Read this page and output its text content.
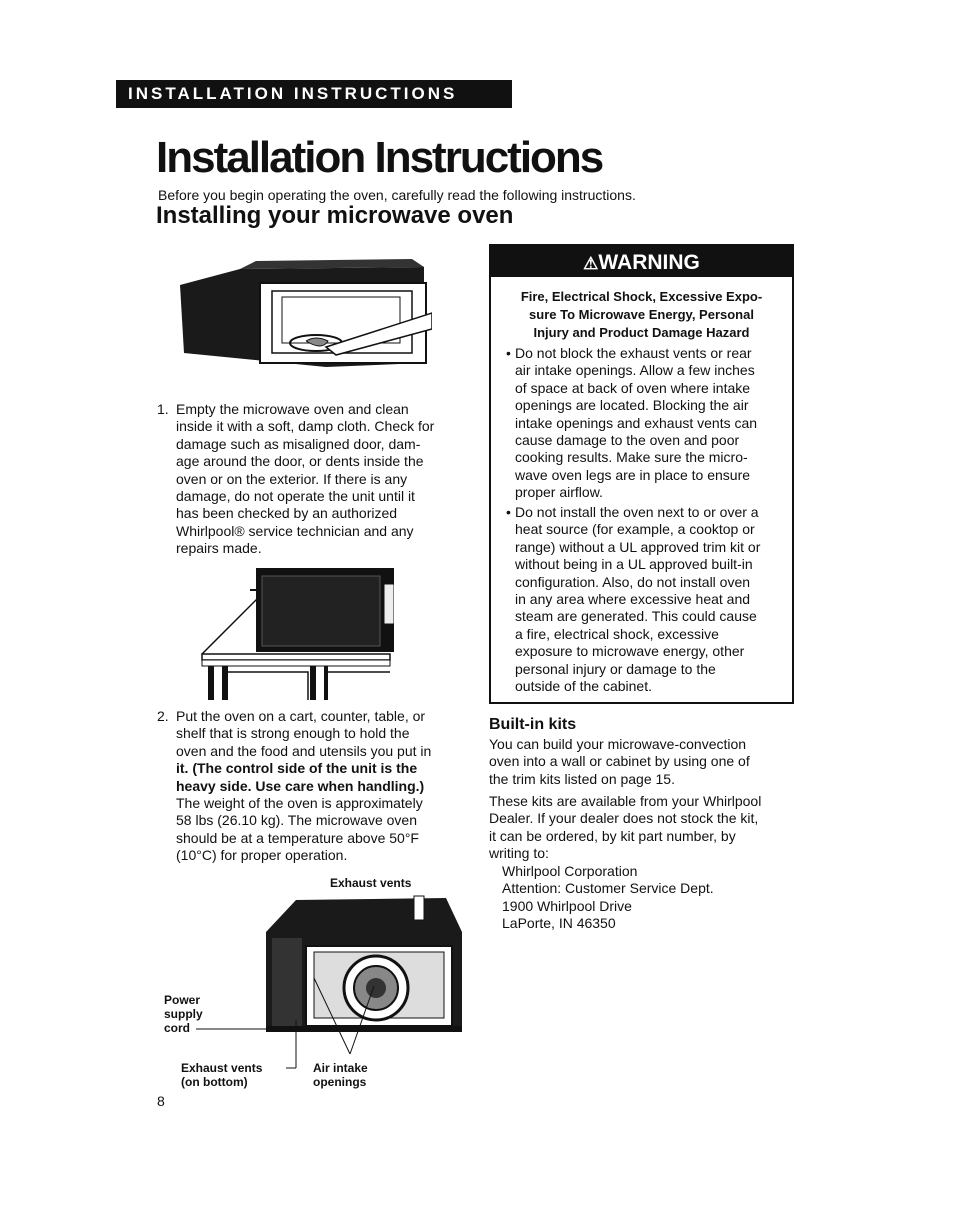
INSTALLATION INSTRUCTIONS
Installation Instructions
Before you begin operating the oven, carefully read the following instructions.
Installing your microwave oven
1. Empty the microwave oven and clean
inside it with a soft, damp cloth. Check for
damage such as misaligned door, dam-
age around the door, or dents inside the
oven or on the exterior. If there is any
damage, do not operate the unit until it
has been checked by an authorized
Whirlpool® service technician and any
repairs made.
2. Put the oven on a cart, counter, table, or
shelf that is strong enough to hold the
oven and the food and utensils you put in
it. (The control side of the unit is the
heavy side. Use care when handling.)
The weight of the oven is approximately
58 lbs (26.10 kg). The microwave oven
should be at a temperature above 50°F
(10°C) for proper operation.
Exhaust vents
Power
supply
cord
Exhaust vents
(on bottom)
Air intake
openings
8
⚠WARNING
Fire, Electrical Shock, Excessive Expo-
sure To Microwave Energy, Personal
Injury and Product Damage Hazard
• Do not block the exhaust vents or rear
air intake openings. Allow a few inches
of space at back of oven where intake
openings are located. Blocking the air
intake openings and exhaust vents can
cause damage to the oven and poor
cooking results. Make sure the micro-
wave oven legs are in place to ensure
proper airflow.
• Do not install the oven next to or over a
heat source (for example, a cooktop or
range) without a UL approved trim kit or
without being in a UL approved built-in
configuration. Also, do not install oven
in any area where excessive heat and
steam are generated. This could cause
a fire, electrical shock, excessive
exposure to microwave energy, other
personal injury or damage to the
outside of the cabinet.
Built-in kits
You can build your microwave-convection
oven into a wall or cabinet by using one of
the trim kits listed on page 15.
These kits are available from your Whirlpool
Dealer. If your dealer does not stock the kit,
it can be ordered, by kit part number, by
writing to:
Whirlpool Corporation
Attention: Customer Service Dept.
1900 Whirlpool Drive
LaPorte, IN 46350
